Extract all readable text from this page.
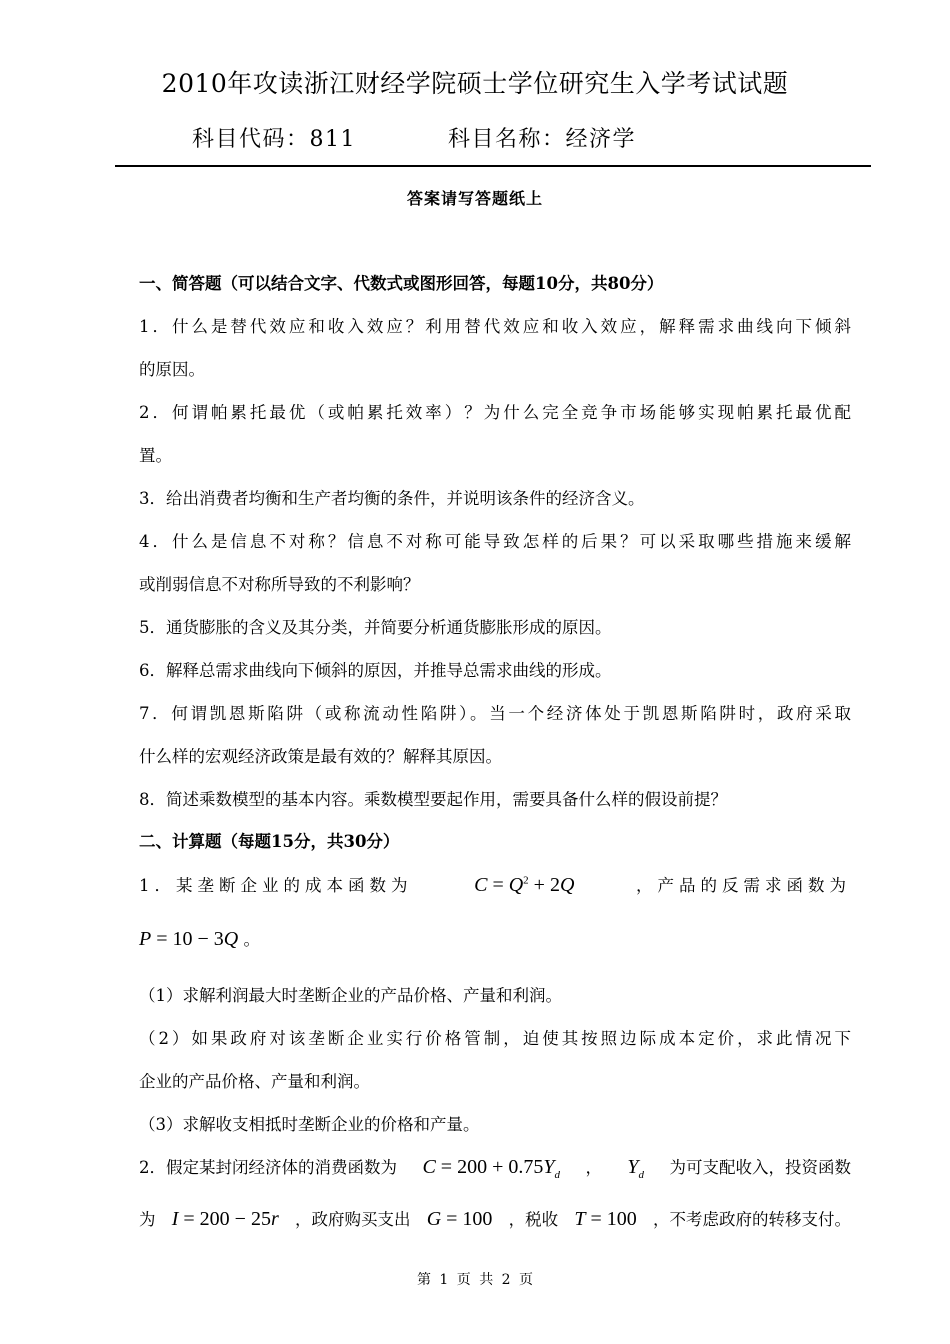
2010年攻读浙江财经学院硕士学位研究生入学考试试题
科目代码：811	科目名称：经济学
答案请写答题纸上
一、简答题（可以结合文字、代数式或图形回答，每题10分，共80分）
1．什么是替代效应和收入效应？利用替代效应和收入效应，解释需求曲线向下倾斜
的原因。
2．何谓帕累托最优（或帕累托效率）？为什么完全竞争市场能够实现帕累托最优配
置。
3．给出消费者均衡和生产者均衡的条件，并说明该条件的经济含义。
4．什么是信息不对称？信息不对称可能导致怎样的后果？可以采取哪些措施来缓解
或削弱信息不对称所导致的不利影响？
5．通货膨胀的含义及其分类，并简要分析通货膨胀形成的原因。
6．解释总需求曲线向下倾斜的原因，并推导总需求曲线的形成。
7．何谓凯恩斯陷阱（或称流动性陷阱）。当一个经济体处于凯恩斯陷阱时，政府采取
什么样的宏观经济政策是最有效的？解释其原因。
8．简述乘数模型的基本内容。乘数模型要起作用，需要具备什么样的假设前提？
二、计算题（每题15分，共30分）
1．某垄断企业的成本函数为	$C = Q^2 + 2Q$	，产品的反需求函数为
P = 10 − 3Q 。
（1）求解利润最大时垄断企业的产品价格、产量和利润。
（2）如果政府对该垄断企业实行价格管制，迫使其按照边际成本定价，求此情况下
企业的产品价格、产量和利润。
（3）求解收支相抵时垄断企业的价格和产量。
2．假定某封闭经济体的消费函数为 $C = 200 + 0.75Y_d$ ， $Y_d$ 为可支配收入，投资函数
为 I = 200 − 25r ，政府购买支出 G = 100 ，税收 T = 100 ，不考虑政府的转移支付。
第 1 页 共 2 页
